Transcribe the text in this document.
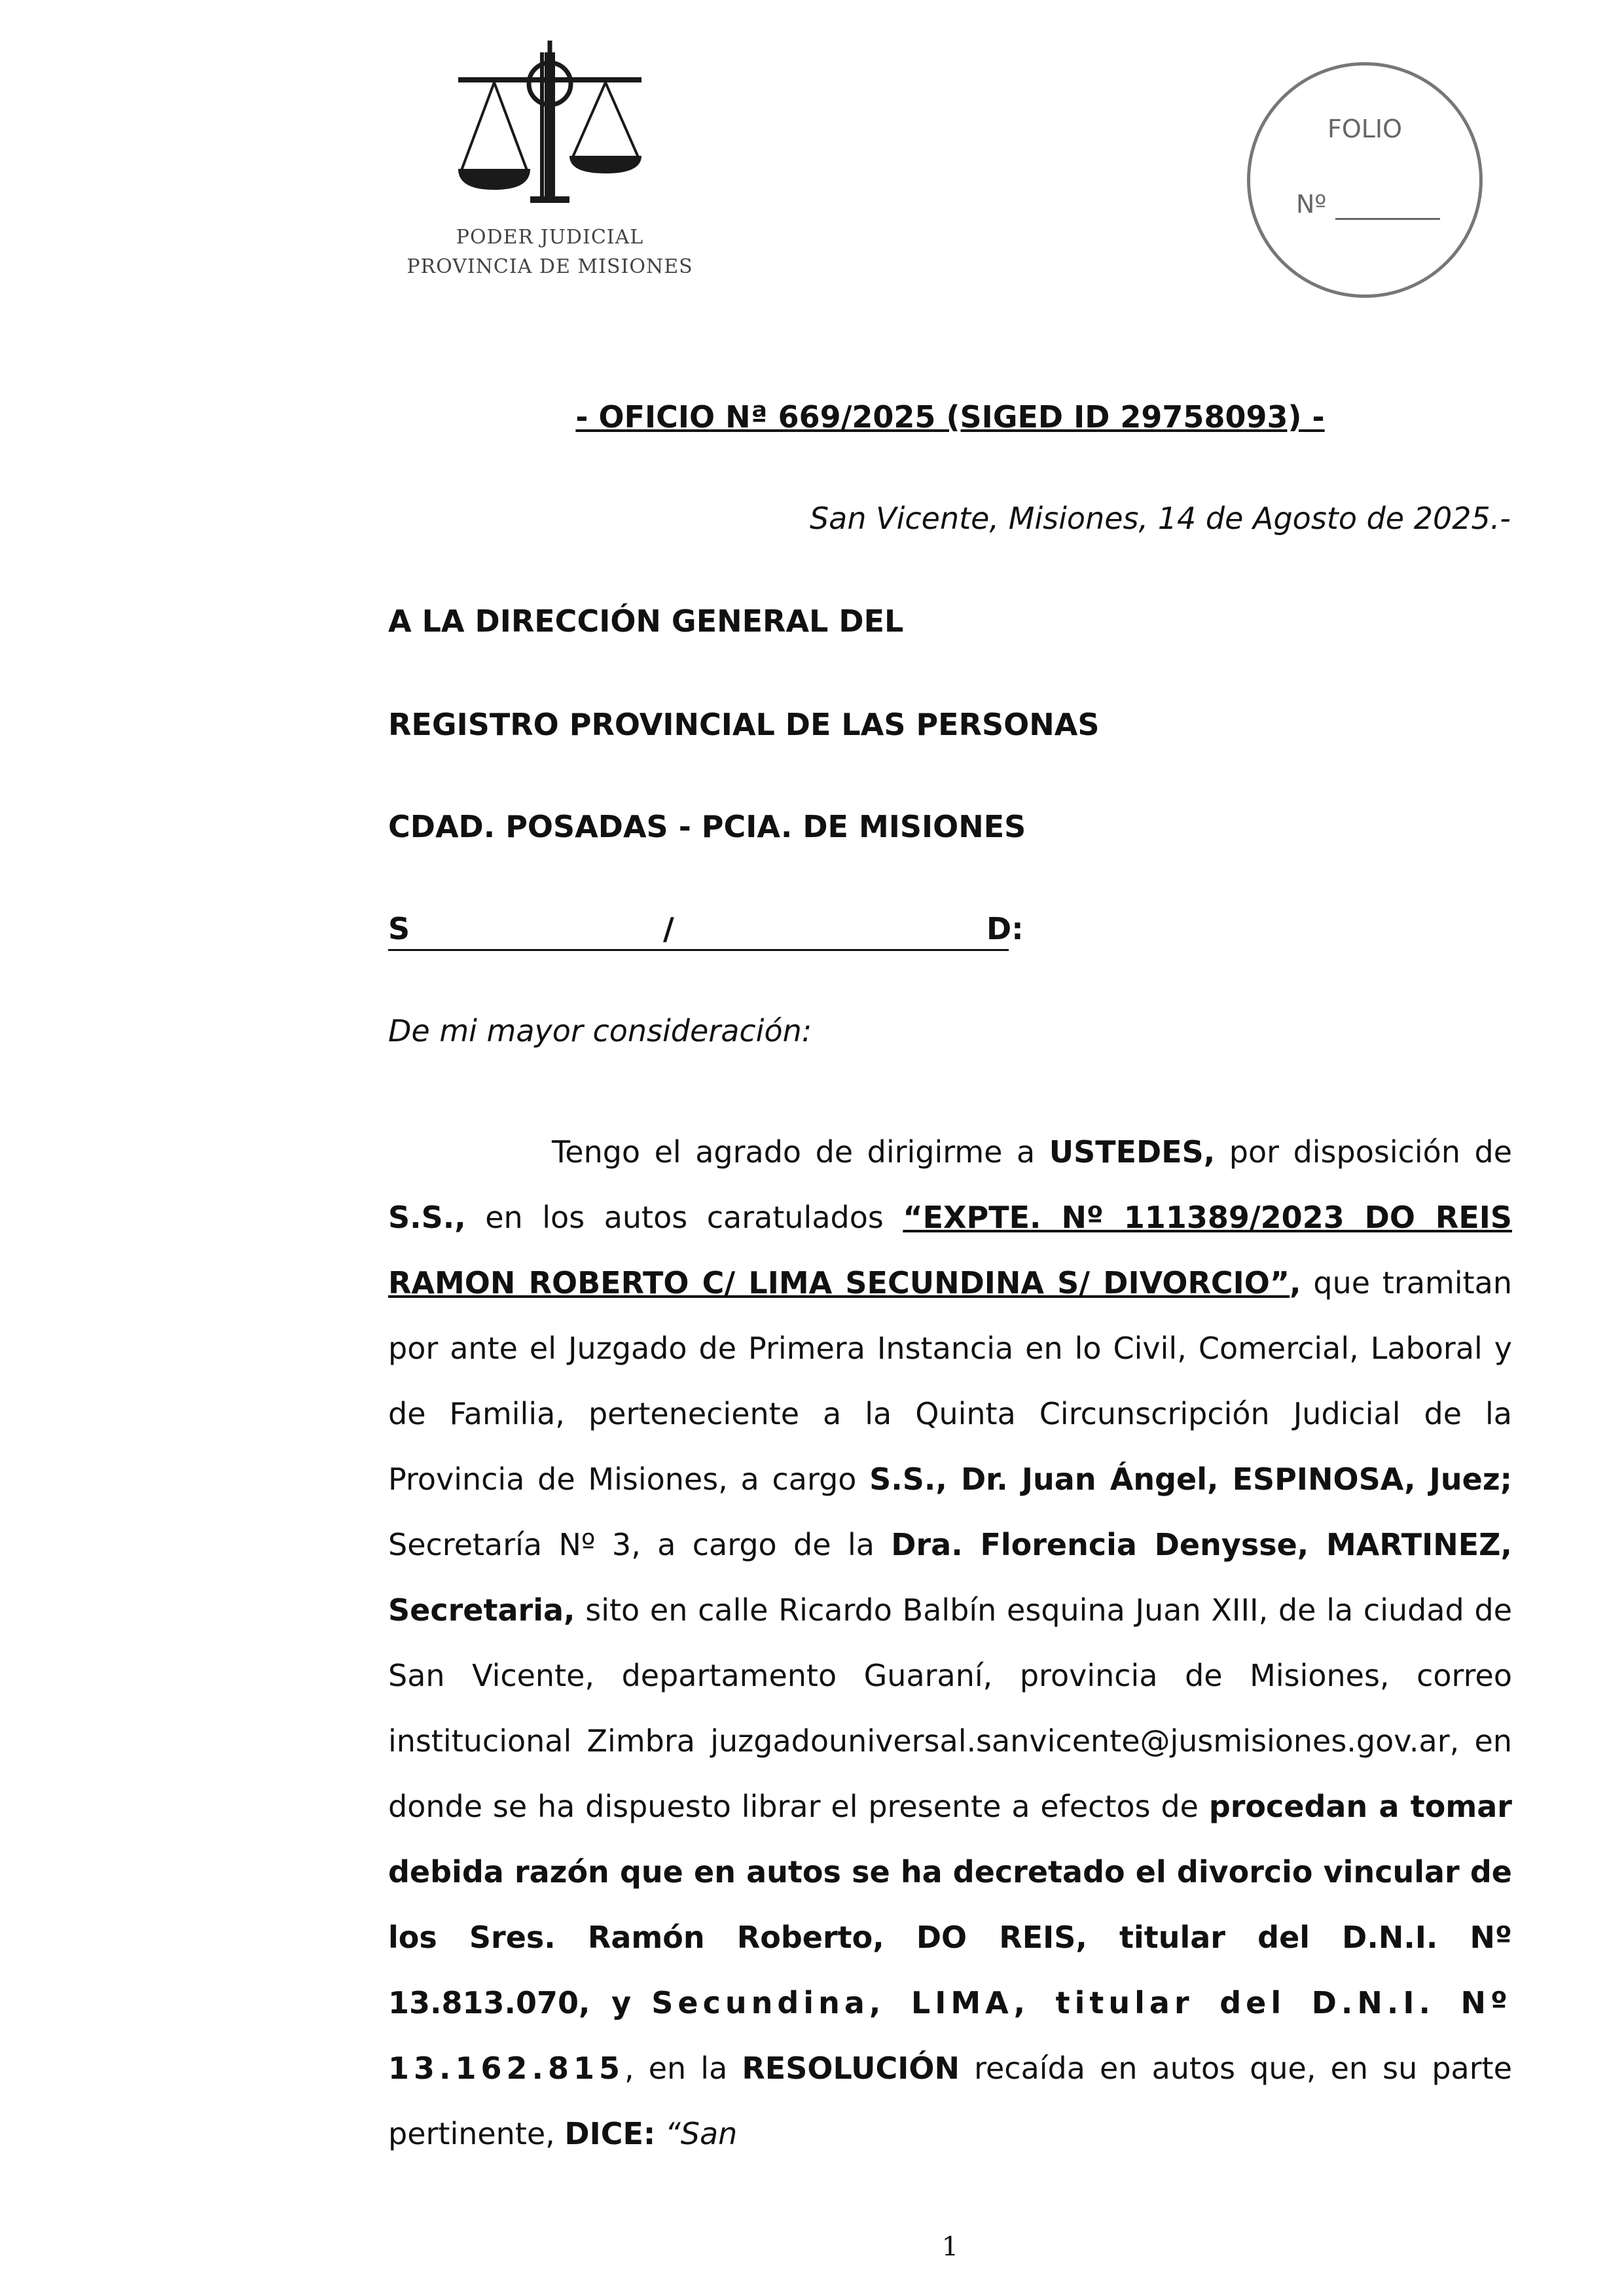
PODER JUDICIAL
PROVINCIA DE MISIONES
FOLIO
Nº
- OFICIO Nª 669/2025 (SIGED ID 29758093) -
San Vicente, Misiones, 14 de Agosto de 2025.-
A LA DIRECCIÓN GENERAL DEL
REGISTRO PROVINCIAL DE LAS PERSONAS
CDAD. POSADAS - PCIA. DE MISIONES
S	/	D:
De mi mayor consideración:
Tengo el agrado de dirigirme a USTEDES, por disposición de S.S., en los autos caratulados “EXPTE. Nº 111389/2023 DO REIS RAMON ROBERTO C/ LIMA SECUNDINA S/ DIVORCIO”, que tramitan por ante el Juzgado de Primera Instancia en lo Civil, Comercial, Laboral y de Familia, perteneciente a la Quinta Circunscripción Judicial de la Provincia de Misiones, a cargo S.S., Dr. Juan Ángel, ESPINOSA, Juez; Secretaría Nº 3, a cargo de la Dra. Florencia Denysse, MARTINEZ, Secretaria, sito en calle Ricardo Balbín esquina Juan XIII, de la ciudad de San Vicente, departamento Guaraní, provincia de Misiones, correo institucional Zimbra juzgadouniversal.sanvicente@jusmisiones.gov.ar, en donde se ha dispuesto librar el presente a efectos de procedan a tomar debida razón que en autos se ha decretado el divorcio vincular de los Sres. Ramón Roberto, DO REIS, titular del D.N.I. Nº 13.813.070, y Secundina, LIMA, titular del D.N.I. Nº 13.162.815, en la RESOLUCIÓN recaída en autos que, en su parte pertinente, DICE: “San
1
